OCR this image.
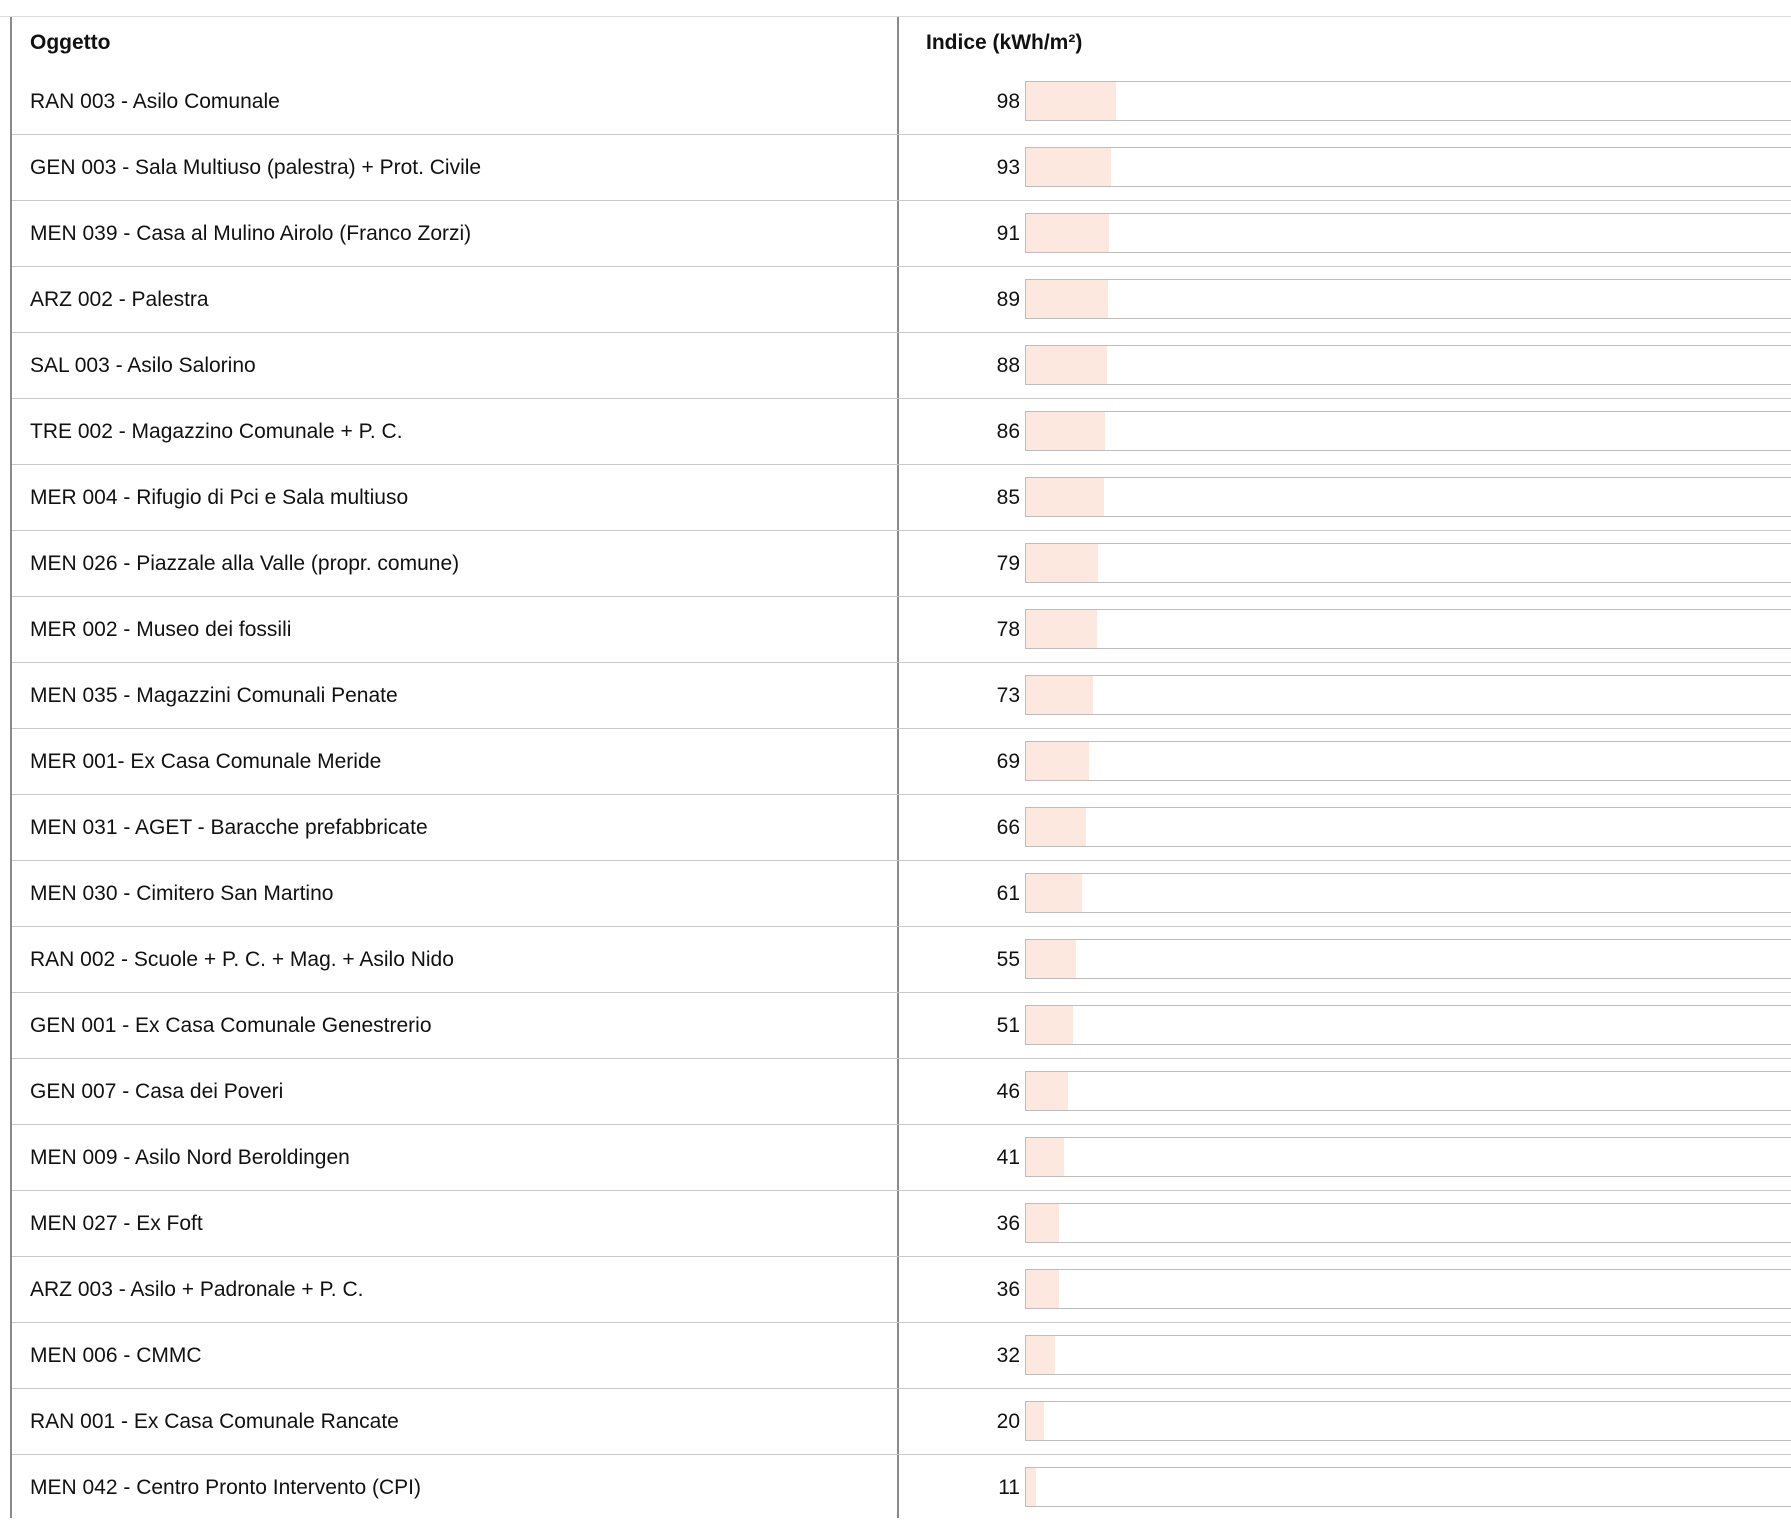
Oggetto	Indice (kWh/m²)
RAN 003 - Asilo Comunale	98
GEN 003 - Sala Multiuso (palestra) + Prot. Civile	93
MEN 039 - Casa al Mulino Airolo (Franco Zorzi)	91
ARZ 002 - Palestra	89
SAL 003 - Asilo Salorino	88
TRE 002 - Magazzino Comunale + P. C.	86
MER 004 - Rifugio di Pci e Sala multiuso	85
MEN 026 - Piazzale alla Valle (propr. comune)	79
MER 002 - Museo dei fossili	78
MEN 035 - Magazzini Comunali Penate	73
MER 001- Ex Casa Comunale Meride	69
MEN 031 - AGET - Baracche prefabbricate	66
MEN 030 - Cimitero San Martino	61
RAN 002 - Scuole + P. C. + Mag. + Asilo Nido	55
GEN 001 - Ex Casa Comunale Genestrerio	51
GEN 007 - Casa dei Poveri	46
MEN 009 - Asilo Nord Beroldingen	41
MEN 027 - Ex Foft	36
ARZ 003 - Asilo + Padronale + P. C.	36
MEN 006 - CMMC	32
RAN 001 - Ex Casa Comunale Rancate	20
MEN 042 - Centro Pronto Intervento (CPI)	11
